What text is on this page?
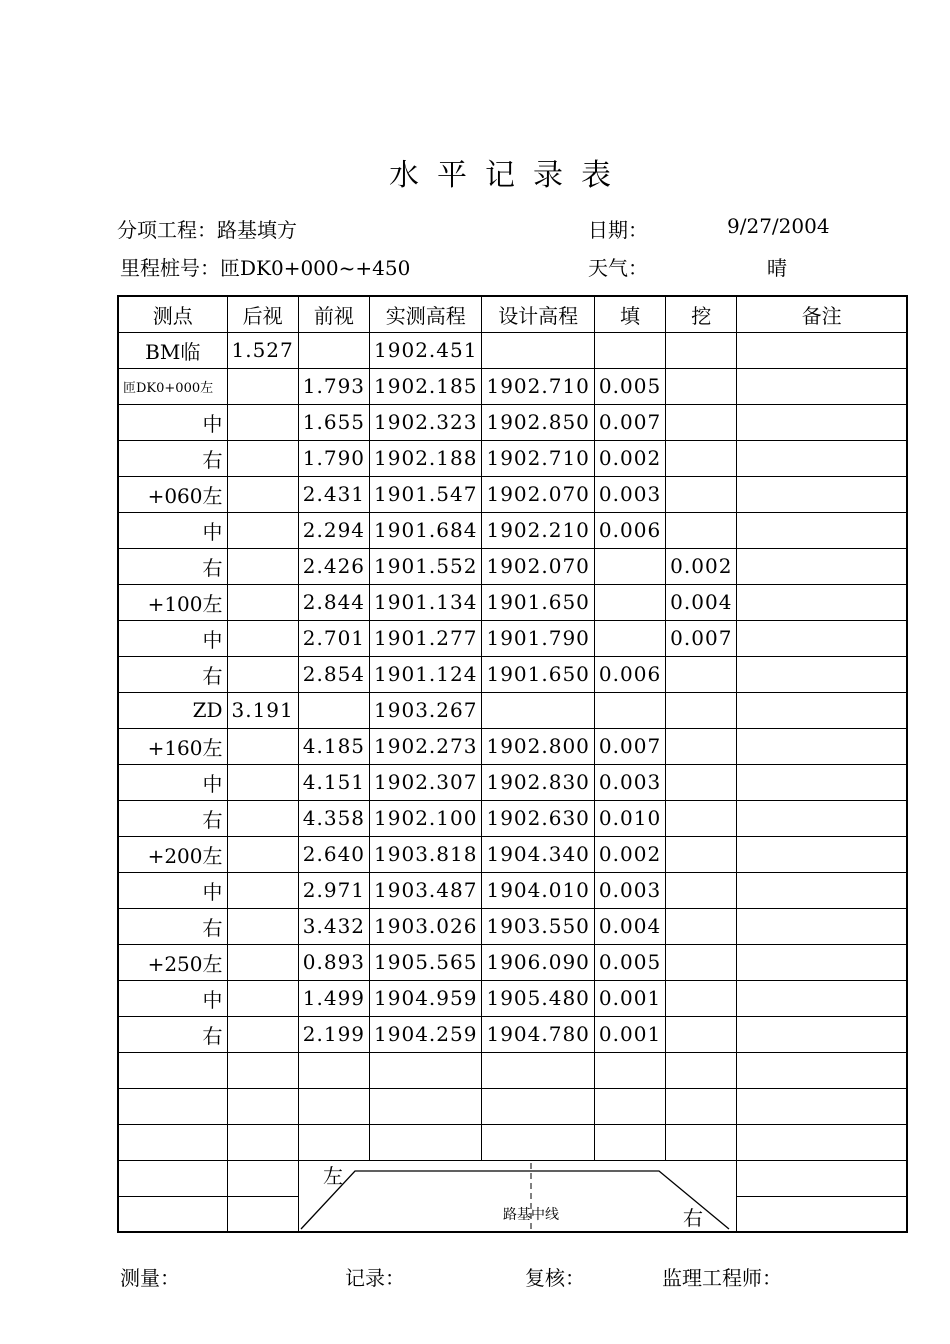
水平记录表
分项工程：路基填方	日期：	9/27/2004
里程桩号：匝DK0+000~+450	天气：	晴
测点	后视	前视	实测高程	设计高程	填	挖	备注
BM临	1.527		1902.451				
匝DK0+000左		1.793	1902.185	1902.710	0.005		
中		1.655	1902.323	1902.850	0.007		
右		1.790	1902.188	1902.710	0.002		
+060左		2.431	1901.547	1902.070	0.003		
中		2.294	1901.684	1902.210	0.006		
右		2.426	1901.552	1902.070		0.002	
+100左		2.844	1901.134	1901.650		0.004	
中		2.701	1901.277	1901.790		0.007	
右		2.854	1901.124	1901.650	0.006		
ZD	3.191		1903.267				
+160左		4.185	1902.273	1902.800	0.007		
中		4.151	1902.307	1902.830	0.003		
右		4.358	1902.100	1902.630	0.010		
+200左		2.640	1903.818	1904.340	0.002		
中		2.971	1903.487	1904.010	0.003		
右		3.432	1903.026	1903.550	0.004		
+250左		0.893	1905.565	1906.090	0.005		
中		1.499	1904.959	1905.480	0.001		
右		2.199	1904.259	1904.780	0.001		

左
路基中线 右					

测量：	记录：	复核：	监理工程师：
